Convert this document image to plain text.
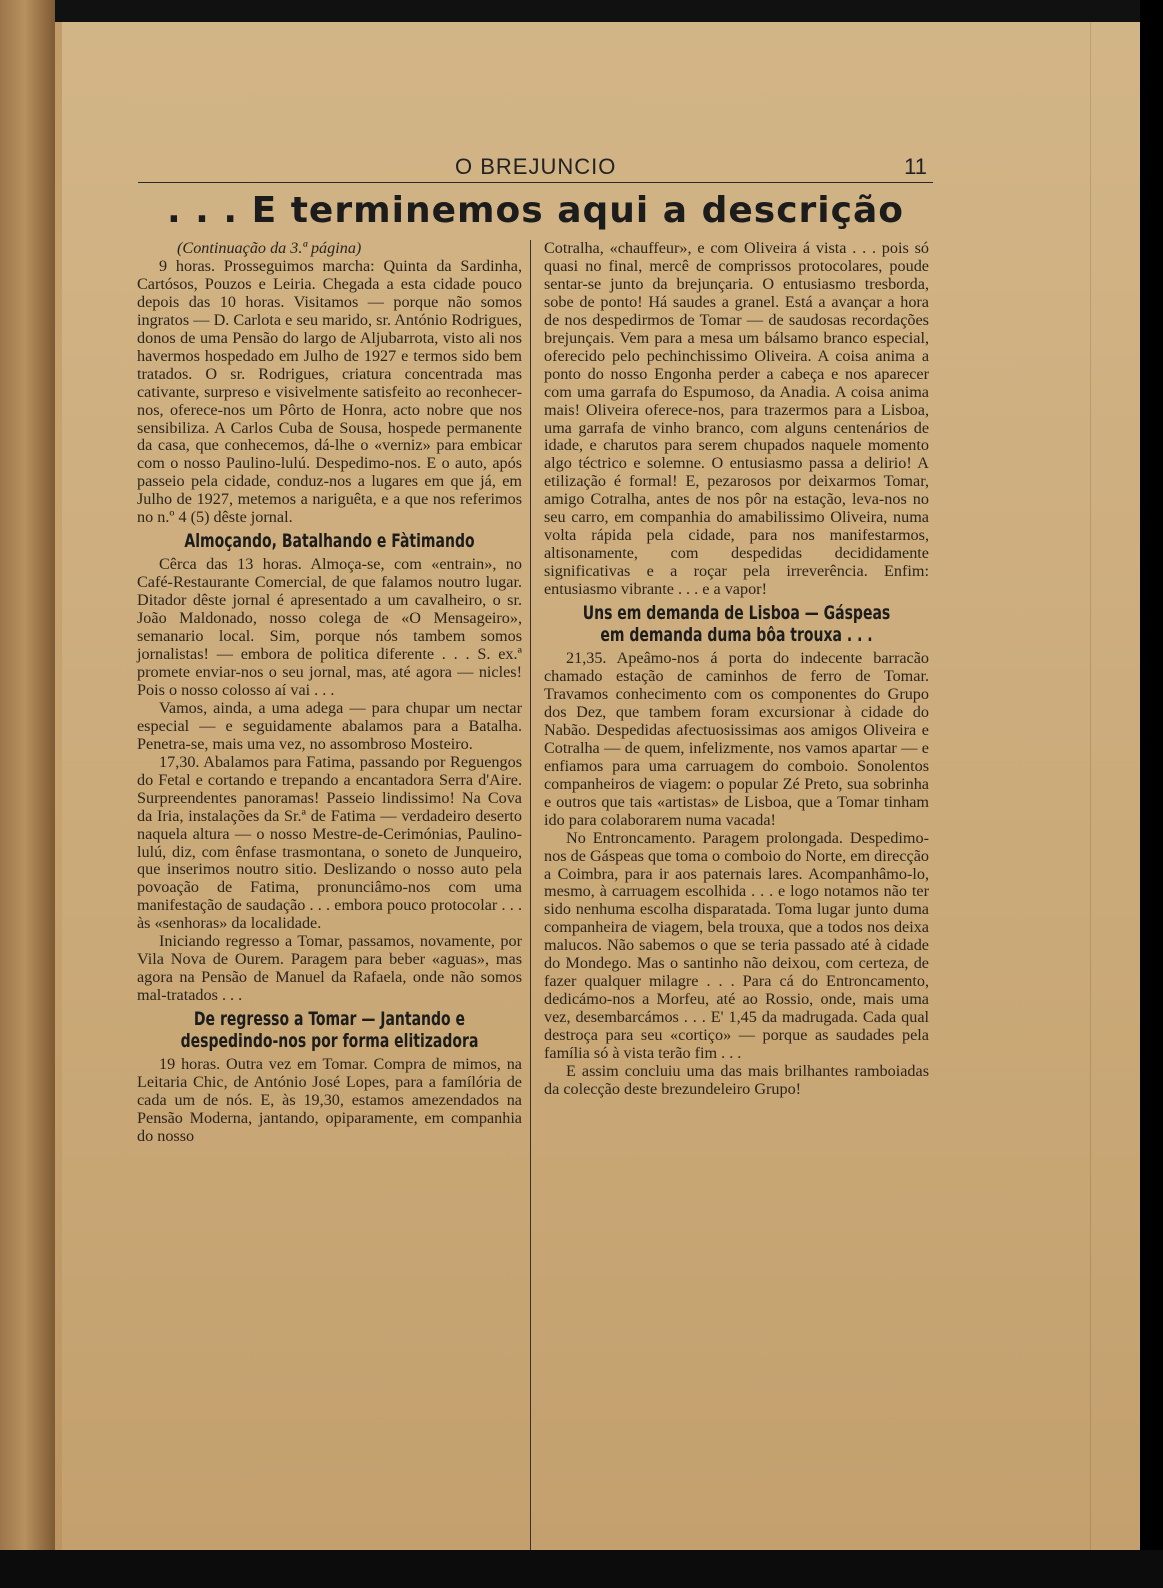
O BREJUNCIO	11
. . . E terminemos aqui a descrição

(Continuação da 3.ª página)

9 horas. Prosseguimos marcha: Quinta da Sardinha, Cartósos, Pouzos e Leiria. Chegada a esta cidade pouco depois das 10 horas. Visitamos — porque não somos ingratos — D. Carlota e seu marido, sr. António Rodrigues, donos de uma Pensão do largo de Aljubarrota, visto ali nos havermos hospedado em Julho de 1927 e termos sido bem tratados. O sr. Rodrigues, criatura concentrada mas cativante, surpreso e visivelmente satisfeito ao reconhecer-nos, oferece-nos um Pôrto de Honra, acto nobre que nos sensibiliza. A Carlos Cuba de Sousa, hospede permanente da casa, que conhecemos, dá-lhe o «verniz» para embicar com o nosso Paulino-lulú. Despedimo-nos. E o auto, após passeio pela cidade, conduz-nos a lugares em que já, em Julho de 1927, metemos a nariguêta, e a que nos referimos no n.º 4 (5) dêste jornal.

Almoçando, Batalhando e Fàtimando

Cêrca das 13 horas. Almoça-se, com «entrain», no Café-Restaurante Comercial, de que falamos noutro lugar. Ditador dêste jornal é apresentado a um cavalheiro, o sr. João Maldonado, nosso colega de «O Mensageiro», semanario local. Sim, porque nós tambem somos jornalistas! — embora de politica diferente . . . S. ex.ª promete enviar-nos o seu jornal, mas, até agora — nicles! Pois o nosso colosso aí vai . . .

Vamos, ainda, a uma adega — para chupar um nectar especial — e seguidamente abalamos para a Batalha. Penetra-se, mais uma vez, no assombroso Mosteiro.

17,30. Abalamos para Fatima, passando por Reguengos do Fetal e cortando e trepando a encantadora Serra d'Aire. Surpreendentes panoramas! Passeio lindissimo! Na Cova da Iria, instalações da Sr.ª de Fatima — verdadeiro deserto naquela altura — o nosso Mestre-de-Cerimónias, Paulino-lulú, diz, com ênfase trasmontana, o soneto de Junqueiro, que inserimos noutro sitio. Deslizando o nosso auto pela povoação de Fatima, pronunciâmo-nos com uma manifestação de saudação . . . embora pouco protocolar . . . às «senhoras» da localidade.

Iniciando regresso a Tomar, passamos, novamente, por Vila Nova de Ourem. Paragem para beber «aguas», mas agora na Pensão de Manuel da Rafaela, onde não somos mal-tratados . . .

De regresso a Tomar — Jantando e despedindo-nos por forma elitizadora

19 horas. Outra vez em Tomar. Compra de mimos, na Leitaria Chic, de António José Lopes, para a famílória de cada um de nós. E, às 19,30, estamos amezendados na Pensão Moderna, jantando, opiparamente, em companhia do nosso

Cotralha, «chauffeur», e com Oliveira á vista . . . pois só quasi no final, mercê de comprissos protocolares, poude sentar-se junto da brejunçaria. O entusiasmo tresborda, sobe de ponto! Há saudes a granel. Está a avançar a hora de nos despedirmos de Tomar — de saudosas recordações brejunçais. Vem para a mesa um bálsamo branco especial, oferecido pelo pechinchissimo Oliveira. A coisa anima a ponto do nosso Engonha perder a cabeça e nos aparecer com uma garrafa do Espumoso, da Anadia. A coisa anima mais! Oliveira oferece-nos, para trazermos para a Lisboa, uma garrafa de vinho branco, com alguns centenários de idade, e charutos para serem chupados naquele momento algo téctrico e solemne. O entusiasmo passa a delirio! A etilização é formal! E, pezarosos por deixarmos Tomar, amigo Cotralha, antes de nos pôr na estação, leva-nos no seu carro, em companhia do amabilissimo Oliveira, numa volta rápida pela cidade, para nos manifestarmos, altisonamente, com despedidas decididamente significativas e a roçar pela irreverência. Enfim: entusiasmo vibrante . . . e a vapor!

Uns em demanda de Lisboa — Gáspeas em demanda duma bôa trouxa . . .

21,35. Apeâmo-nos á porta do indecente barracão chamado estação de caminhos de ferro de Tomar. Travamos conhecimento com os componentes do Grupo dos Dez, que tambem foram excursionar à cidade do Nabão. Despedidas afectuosissimas aos amigos Oliveira e Cotralha — de quem, infelizmente, nos vamos apartar — e enfiamos para uma carruagem do comboio. Sonolentos companheiros de viagem: o popular Zé Preto, sua sobrinha e outros que tais «artistas» de Lisboa, que a Tomar tinham ido para colaborarem numa vacada!

No Entroncamento. Paragem prolongada. Despedimo-nos de Gáspeas que toma o comboio do Norte, em direcção a Coimbra, para ir aos paternais lares. Acompanhâmo-lo, mesmo, à carruagem escolhida . . . e logo notamos não ter sido nenhuma escolha disparatada. Toma lugar junto duma companheira de viagem, bela trouxa, que a todos nos deixa malucos. Não sabemos o que se teria passado até à cidade do Mondego. Mas o santinho não deixou, com certeza, de fazer qualquer milagre . . . Para cá do Entroncamento, dedicámo-nos a Morfeu, até ao Rossio, onde, mais uma vez, desembarcámos . . . E' 1,45 da madrugada. Cada qual destroça para seu «cortiço» — porque as saudades pela família só à vista terão fim . . .

E assim concluiu uma das mais brilhantes ramboiadas da colecção deste brezundeleiro Grupo!
